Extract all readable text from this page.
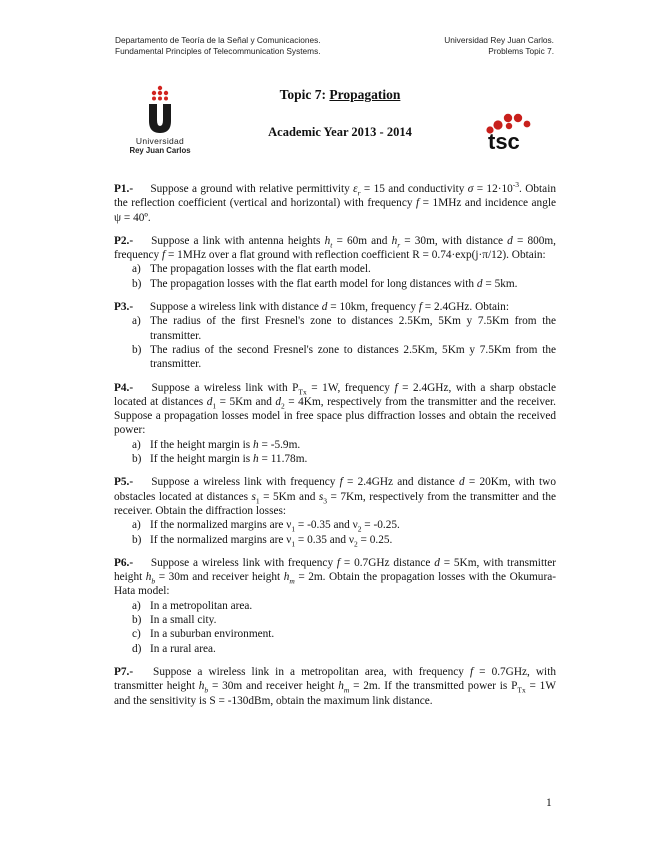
Departamento de Teoría de la Señal y Comunicaciones.
Fundamental Principles of Telecommunication Systems.
Universidad Rey Juan Carlos.
Problems Topic 7.
Universidad
Rey Juan Carlos
Topic 7: Propagation
Academic Year 2013 - 2014	tsc
P1.- Suppose a ground with relative permittivity $\varepsilon_r = 15$ and conductivity $\sigma = 12\cdot 10^{-3}$. Obtain the reflection coefficient (vertical and horizontal) with frequency f = 1MHz and incidence angle ψ = 40º.
P2.- Suppose a link with antenna heights $h_t = 60m$ and $h_r = 30m$, with distance d = 800m, frequency f = 1MHz over a flat ground with reflection coefficient R = 0.74·exp(j·π/12). Obtain:
a) The propagation losses with the flat earth model.
b) The propagation losses with the flat earth model for long distances with d = 5km.
P3.- Suppose a wireless link with distance d = 10km, frequency f = 2.4GHz. Obtain:
a) The radius of the first Fresnel's zone to distances 2.5Km, 5Km y 7.5Km from the transmitter.
b) The radius of the second Fresnel's zone to distances 2.5Km, 5Km y 7.5Km from the transmitter.
P4.- Suppose a wireless link with $P_{Tx} = 1W$, frequency f = 2.4GHz, with a sharp obstacle located at distances $d_1 = 5Km$ and $d_2 = 4Km$, respectively from the transmitter and the receiver. Suppose a propagation losses model in free space plus diffraction losses and obtain the received power:
a) If the height margin is h = -5.9m.
b) If the height margin is h = 11.78m.
P5.- Suppose a wireless link with frequency f = 2.4GHz and distance d = 20Km, with two obstacles located at distances $s_1 = 5Km$ and $s_3 = 7Km$, respectively from the transmitter and the receiver. Obtain the diffraction losses:
a) If the normalized margins are $\nu_1 = -0.35$ and $\nu_2 = -0.25$.
b) If the normalized margins are $\nu_1 = 0.35$ and $\nu_2 = 0.25$.
P6.- Suppose a wireless link with frequency f = 0.7GHz distance d = 5Km, with transmitter height $h_b = 30m$ and receiver height $h_m = 2m$. Obtain the propagation losses with the Okumura-Hata model:
a) In a metropolitan area.
b) In a small city.
c) In a suburban environment.
d) In a rural area.
P7.- Suppose a wireless link in a metropolitan area, with frequency f = 0.7GHz, with transmitter height $h_b = 30m$ and receiver height $h_m = 2m$. If the transmitted power is $P_{Tx} = 1W$ and the sensitivity is S = -130dBm, obtain the maximum link distance.
1
